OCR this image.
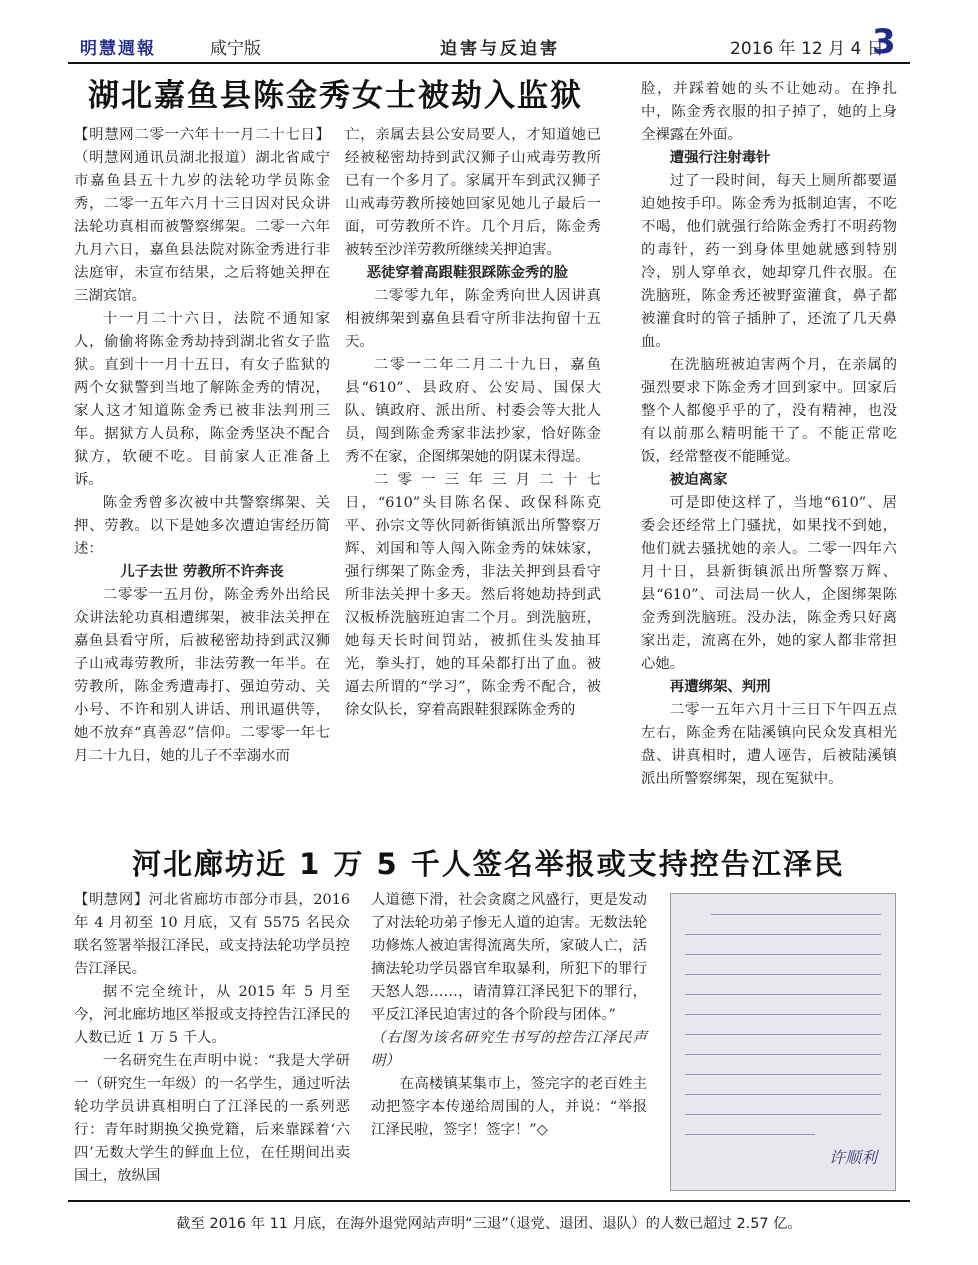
明慧週報	咸宁版	迫害与反迫害	2016 年 12 月 4 日
3
湖北嘉鱼县陈金秀女士被劫入监狱

【明慧网二零一六年十一月二十七日】（明慧网通讯员湖北报道）湖北省咸宁市嘉鱼县五十九岁的法轮功学员陈金秀，二零一五年六月十三日因对民众讲法轮功真相而被警察绑架。二零一六年九月六日，嘉鱼县法院对陈金秀进行非法庭审，未宣布结果，之后将她关押在三湖宾馆。

十一月二十六日，法院不通知家人，偷偷将陈金秀劫持到湖北省女子监狱。直到十一月十五日，有女子监狱的两个女狱警到当地了解陈金秀的情况，家人这才知道陈金秀已被非法判刑三年。据狱方人员称，陈金秀坚决不配合狱方，软硬不吃。目前家人正准备上诉。

陈金秀曾多次被中共警察绑架、关押、劳教。以下是她多次遭迫害经历简述：

儿子去世 劳教所不许奔丧

二零零一五月份，陈金秀外出给民众讲法轮功真相遭绑架，被非法关押在嘉鱼县看守所，后被秘密劫持到武汉狮子山戒毒劳教所，非法劳教一年半。在劳教所，陈金秀遭毒打、强迫劳动、关小号、不许和别人讲话、刑讯逼供等，她不放弃“真善忍”信仰。二零零一年七月二十九日，她的儿子不幸溺水而

亡，亲属去县公安局要人，才知道她已经被秘密劫持到武汉狮子山戒毒劳教所已有一个多月了。家属开车到武汉狮子山戒毒劳教所接她回家见她儿子最后一面，可劳教所不许。几个月后，陈金秀被转至沙洋劳教所继续关押迫害。

恶徒穿着高跟鞋狠踩陈金秀的脸

二零零九年，陈金秀向世人因讲真相被绑架到嘉鱼县看守所非法拘留十五天。

二零一二年二月二十九日，嘉鱼县“610”、县政府、公安局、国保大队、镇政府、派出所、村委会等大批人员，闯到陈金秀家非法抄家，恰好陈金秀不在家，企图绑架她的阴谋未得逞。

二零一三年三月二十七日，“610”头目陈名保、政保科陈克平、孙宗文等伙同新街镇派出所警察万辉、刘国和等人闯入陈金秀的妹妹家，强行绑架了陈金秀，非法关押到县看守所非法关押十多天。然后将她劫持到武汉板桥洗脑班迫害二个月。到洗脑班，她每天长时间罚站，被抓住头发抽耳光，拳头打，她的耳朵都打出了血。被逼去所谓的“学习”，陈金秀不配合，被徐女队长，穿着高跟鞋狠踩陈金秀的

脸，并踩着她的头不让她动。在挣扎中，陈金秀衣服的扣子掉了，她的上身全裸露在外面。

遭强行注射毒针

过了一段时间，每天上厕所都要逼迫她按手印。陈金秀为抵制迫害，不吃不喝，他们就强行给陈金秀打不明药物的毒针，药一到身体里她就感到特别冷，别人穿单衣，她却穿几件衣服。在洗脑班，陈金秀还被野蛮灌食，鼻子都被灌食时的管子插肿了，还流了几天鼻血。

在洗脑班被迫害两个月，在亲属的强烈要求下陈金秀才回到家中。回家后整个人都傻乎乎的了，没有精神，也没有以前那么精明能干了。不能正常吃饭，经常整夜不能睡觉。

被迫离家

可是即使这样了，当地“610”、居委会还经常上门骚扰，如果找不到她，他们就去骚扰她的亲人。二零一四年六月十日，县新街镇派出所警察万辉、县“610”、司法局一伙人，企图绑架陈金秀到洗脑班。没办法，陈金秀只好离家出走，流离在外，她的家人都非常担心她。

再遭绑架、判刑

二零一五年六月十三日下午四五点左右，陈金秀在陆溪镇向民众发真相光盘、讲真相时，遭人诬告，后被陆溪镇派出所警察绑架，现在冤狱中。

河北廊坊近 1 万 5 千人签名举报或支持控告江泽民

【明慧网】河北省廊坊市部分市县，2016 年 4 月初至 10 月底，又有 5575 名民众联名签署举报江泽民，或支持法轮功学员控告江泽民。

据不完全统计，从 2015 年 5 月至今，河北廊坊地区举报或支持控告江泽民的人数已近 1 万 5 千人。

一名研究生在声明中说：“我是大学研一（研究生一年级）的一名学生，通过听法轮功学员讲真相明白了江泽民的一系列恶行：青年时期换父换党籍，后来靠踩着‘六四’无数大学生的鲜血上位，在任期间出卖国土，放纵国

人道德下滑，社会贪腐之风盛行，更是发动了对法轮功弟子惨无人道的迫害。无数法轮功修炼人被迫害得流离失所，家破人亡，活摘法轮功学员器官牟取暴利，所犯下的罪行天怒人怨……，请清算江泽民犯下的罪行，平反江泽民迫害过的各个阶段与团体。”

（右图为该名研究生书写的控告江泽民声明）

在高楼镇某集市上，签完字的老百姓主动把签字本传递给周围的人，并说：“举报江泽民啦，签字！签字！”◇

许顺利
截至 2016 年 11 月底，在海外退党网站声明“三退”（退党、退团、退队）的人数已超过 2.57 亿。
